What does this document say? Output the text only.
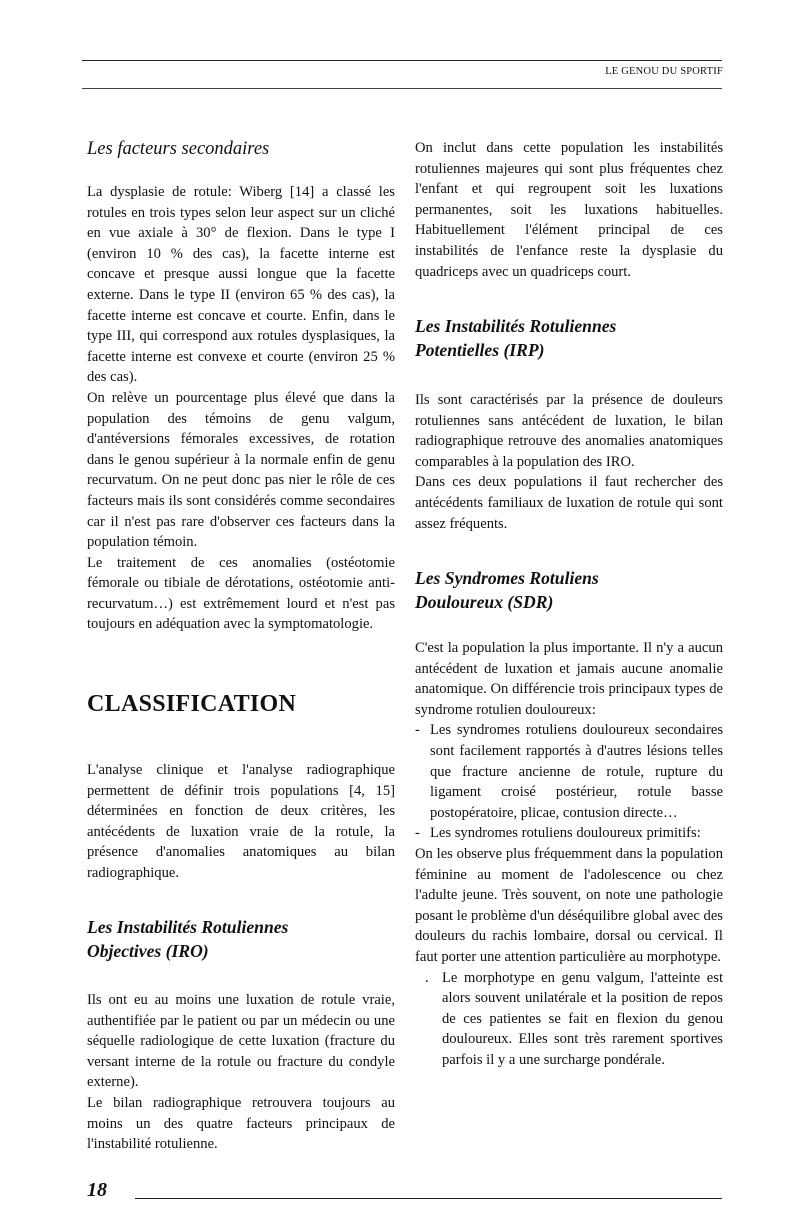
LE GENOU DU SPORTIF
Les facteurs secondaires

La dysplasie de rotule: Wiberg [14] a classé les rotules en trois types selon leur aspect sur un cliché en vue axiale à 30° de flexion. Dans le type I (environ 10 % des cas), la facette interne est concave et presque aussi longue que la facette externe. Dans le type II (environ 65 % des cas), la facette interne est concave et courte. Enfin, dans le type III, qui correspond aux rotules dysplasiques, la facette interne est convexe et courte (environ 25 % des cas).

On relève un pourcentage plus élevé que dans la population des témoins de genu valgum, d'antéversions fémorales excessives, de rotation dans le genou supérieur à la normale enfin de genu recurvatum. On ne peut donc pas nier le rôle de ces facteurs mais ils sont considérés comme secondaires car il n'est pas rare d'observer ces facteurs dans la population témoin.

Le traitement de ces anomalies (ostéotomie fémorale ou tibiale de dérotations, ostéotomie anti-recurvatum…) est extrêmement lourd et n'est pas toujours en adéquation avec la symptomatologie.

CLASSIFICATION

L'analyse clinique et l'analyse radiographique permettent de définir trois populations [4, 15] déterminées en fonction de deux critères, les antécédents de luxation vraie de la rotule, la présence d'anomalies anatomiques au bilan radiographique.

Les Instabilités Rotuliennes
Objectives (IRO)

Ils ont eu au moins une luxation de rotule vraie, authentifiée par le patient ou par un médecin ou une séquelle radiologique de cette luxation (fracture du versant interne de la rotule ou fracture du condyle externe).

Le bilan radiographique retrouvera toujours au moins un des quatre facteurs principaux de l'instabilité rotulienne.

On inclut dans cette population les instabilités rotuliennes majeures qui sont plus fréquentes chez l'enfant et qui regroupent soit les luxations permanentes, soit les luxations habituelles. Habituellement l'élément principal de ces instabilités de l'enfance reste la dysplasie du quadriceps avec un quadriceps court.

Les Instabilités Rotuliennes
Potentielles (IRP)

Ils sont caractérisés par la présence de douleurs rotuliennes sans antécédent de luxation, le bilan radiographique retrouve des anomalies anatomiques comparables à la population des IRO.

Dans ces deux populations il faut rechercher des antécédents familiaux de luxation de rotule qui sont assez fréquents.

Les Syndromes Rotuliens
Douloureux (SDR)

C'est la population la plus importante. Il n'y a aucun antécédent de luxation et jamais aucune anomalie anatomique. On différencie trois principaux types de syndrome rotulien douloureux:

- Les syndromes rotuliens douloureux secondaires sont facilement rapportés à d'autres lésions telles que fracture ancienne de rotule, rupture du ligament croisé postérieur, rotule basse postopératoire, plicae, contusion directe…
- Les syndromes rotuliens douloureux primitifs:

On les observe plus fréquemment dans la population féminine au moment de l'adolescence ou chez l'adulte jeune. Très souvent, on note une pathologie posant le problème d'un déséquilibre global avec des douleurs du rachis lombaire, dorsal ou cervical. Il faut porter une attention particulière au morphotype.

. Le morphotype en genu valgum, l'atteinte est alors souvent unilatérale et la position de repos de ces patientes se fait en flexion du genou douloureux. Elles sont très rarement sportives parfois il y a une surcharge pondérale.
18
